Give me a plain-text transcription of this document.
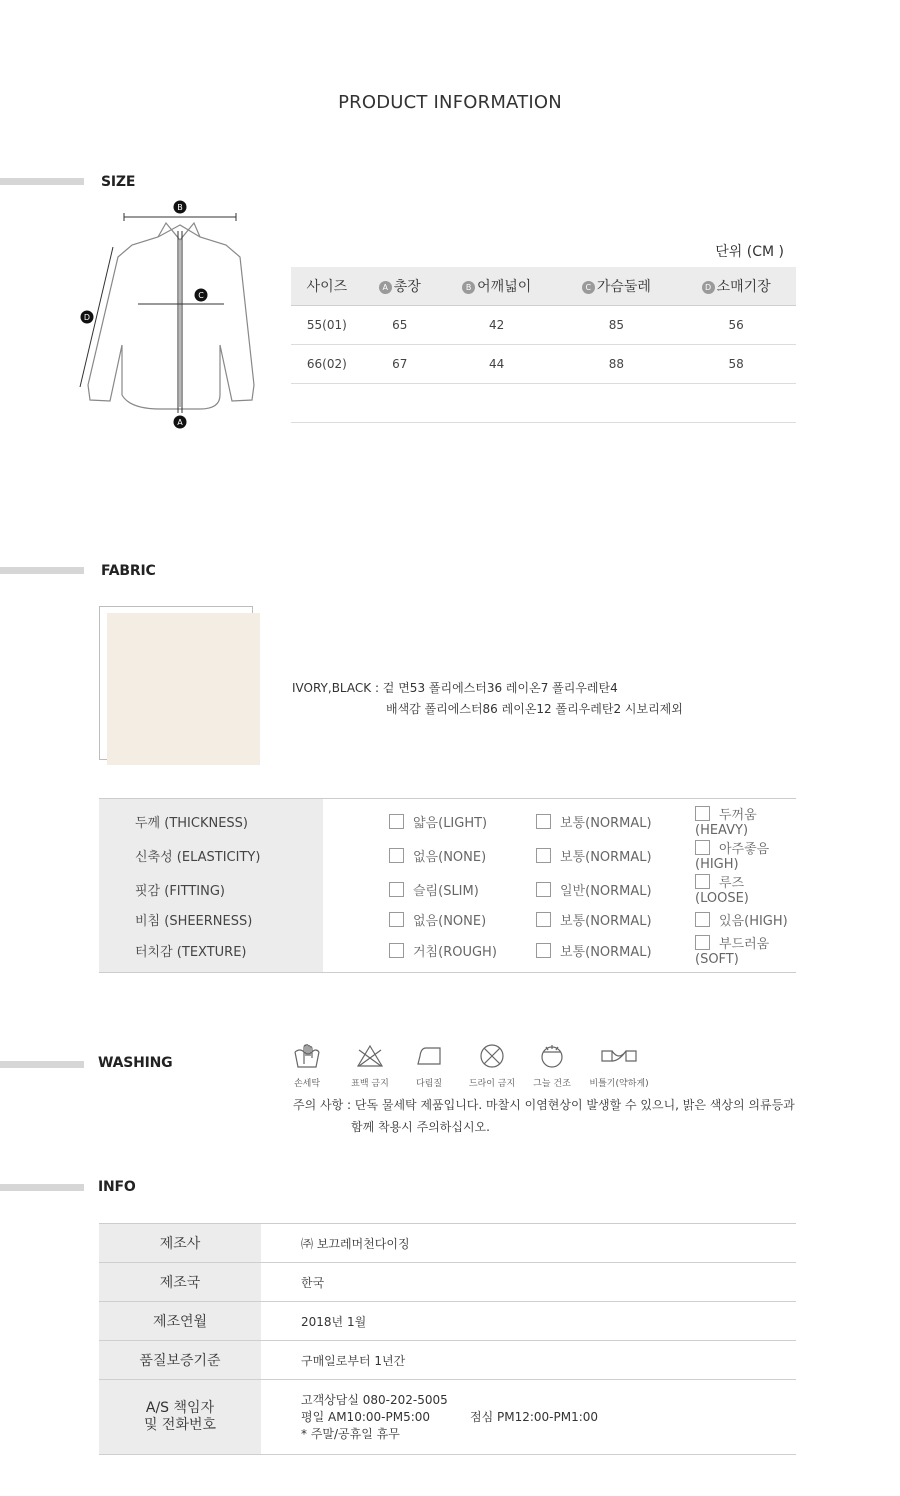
PRODUCT INFORMATION
SIZE
A
B
C
D
단위 (CM )
사이즈	A 총장	B 어깨넓이	C 가슴둘레	D 소매기장
55(01)	65	42	85	56
66(02)	67	44	88	58

FABRIC
IVORY,BLACK : 겉 면53 폴리에스터36 레이온7 폴리우레탄4
배색감 폴리에스터86 레이온12 폴리우레탄2 시보리제외
두께 (THICKNESS)	얇음(LIGHT)	보통(NORMAL)	두꺼움(HEAVY)
신축성 (ELASTICITY)	없음(NONE)	보통(NORMAL)	아주좋음(HIGH)
핏감 (FITTING)	슬림(SLIM)	일반(NORMAL)	루즈(LOOSE)
비침 (SHEERNESS)	없음(NONE)	보통(NORMAL)	있음(HIGH)
터치감 (TEXTURE)	거침(ROUGH)	보통(NORMAL)	부드러움(SOFT)
WASHING
손세탁	표백 금지	다림질	드라이 금지	그늘 건조	비틀기(약하게)
주의 사항 : 단독 물세탁 제품입니다. 마찰시 이염현상이 발생할 수 있으니, 밝은 색상의 의류등과
함께 착용시 주의하십시오.
INFO
제조사	㈜ 보끄레머천다이징
제조국	한국
제조연월	2018년 1월
품질보증기준	구매일로부터 1년간

A/S 책임자
및 전화번호	고객상담실 080-202-5005
평일 AM10:00-PM5:00 점심 PM12:00-PM1:00
* 주말/공휴일 휴무
